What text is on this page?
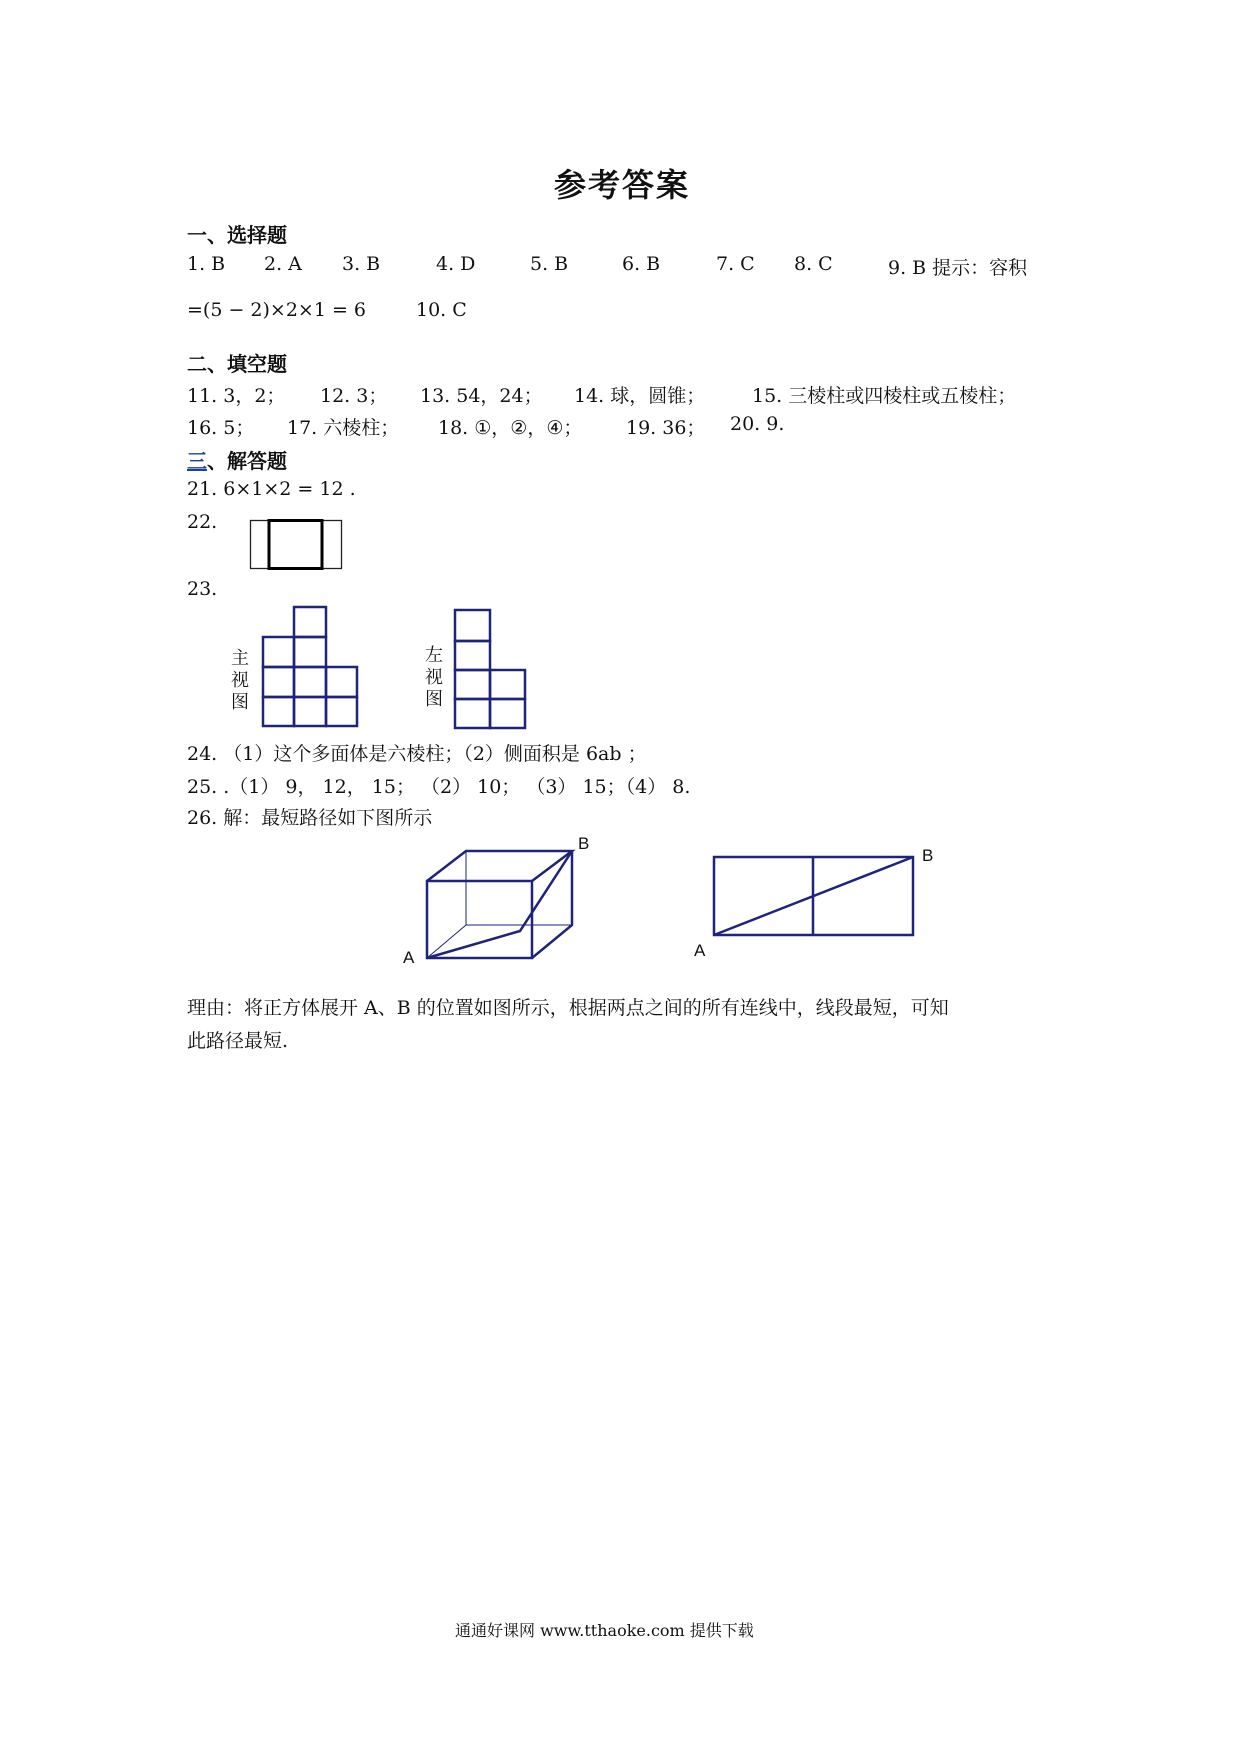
参考答案
一、选择题
1. B 2. A 3. B	4. D	5. B	6. B	7. C 8. C	9. B 提示：容积
=(5 − 2)×2×1 = 6	10. C
二、填空题
11. 3，2； 12. 3； 13. 54，24； 14. 球，圆锥； 15. 三棱柱或四棱柱或五棱柱；
16. 5； 17. 六棱柱； 18. ①，②，④； 19. 36； 20. 9.
三、解答题
21. 6×1×2 = 12 .
22.
23.
主
视
图
左
视
图
24. （1）这个多面体是六棱柱；（2）侧面积是 6ab ；
25. .（1） 9， 12， 15； （2） 10； （3） 15；（4） 8.
26. 解：最短路径如下图所示
A
B
A
B
理由：将正方体展开 A、B 的位置如图所示，根据两点之间的所有连线中，线段最短，可知
此路径最短.
通通好课网 www.tthaoke.com 提供下载
